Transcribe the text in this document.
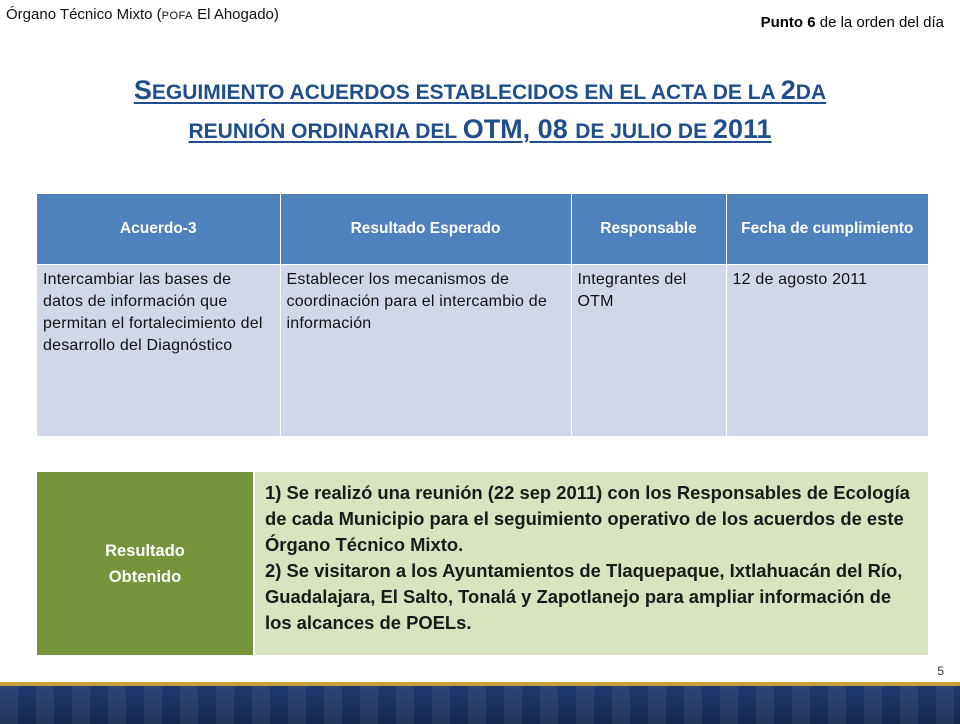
Órgano Técnico Mixto (POFA El Ahogado)	Punto 6 de la orden del día
SEGUIMIENTO ACUERDOS ESTABLECIDOS EN EL ACTA DE LA 2DA
REUNIÓN ORDINARIA DEL OTM, 08 DE JULIO DE 2011
Acuerdo-3	Resultado Esperado	Responsable	Fecha de cumplimiento
Intercambiar las bases de datos de información que permitan el fortalecimiento del desarrollo del Diagnóstico	Establecer los mecanismos de coordinación para el intercambio de información	Integrantes del OTM	12 de agosto 2011
Resultado
Obtenido

1) Se realizó una reunión (22 sep 2011) con los Responsables de Ecología de cada Municipio para el seguimiento operativo de los acuerdos de este Órgano Técnico Mixto.

2) Se visitaron a los Ayuntamientos de Tlaquepaque, Ixtlahuacán del Río, Guadalajara, El Salto, Tonalá y Zapotlanejo para ampliar información de los alcances de POELs.

5
